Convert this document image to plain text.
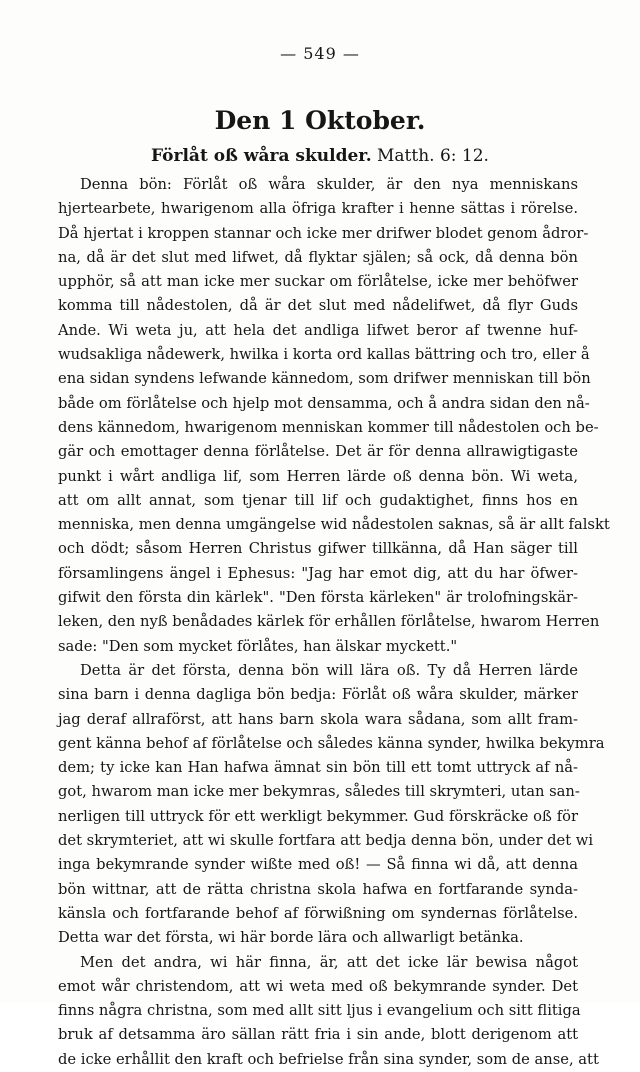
— 549 —
Den 1 Oktober.
Förlåt oß wåra skulder. Matth. 6: 12.
Denna bön: Förlåt oß wåra skulder, är den nya menniskans
hjertearbete, hwarigenom alla öfriga krafter i henne sättas i rörelse.
Då hjertat i kroppen stannar och icke mer drifwer blodet genom ådror-
na, då är det slut med lifwet, då flyktar själen; så ock, då denna bön
upphör, så att man icke mer suckar om förlåtelse, icke mer behöfwer
komma till nådestolen, då är det slut med nådelifwet, då flyr Guds
Ande. Wi weta ju, att hela det andliga lifwet beror af twenne huf-
wudsakliga nådewerk, hwilka i korta ord kallas bättring och tro, eller å
ena sidan syndens lefwande kännedom, som drifwer menniskan till bön
både om förlåtelse och hjelp mot densamma, och å andra sidan den nå-
dens kännedom, hwarigenom menniskan kommer till nådestolen och be-
gär och emottager denna förlåtelse. Det är för denna allrawigtigaste
punkt i wårt andliga lif, som Herren lärde oß denna bön. Wi weta,
att om allt annat, som tjenar till lif och gudaktighet, finns hos en
menniska, men denna umgängelse wid nådestolen saknas, så är allt falskt
och dödt; såsom Herren Christus gifwer tillkänna, då Han säger till
församlingens ängel i Ephesus: "Jag har emot dig, att du har öfwer-
gifwit den första din kärlek". "Den första kärleken" är trolofningskär-
leken, den nyß benådades kärlek för erhållen förlåtelse, hwarom Herren
sade: "Den som mycket förlåtes, han älskar myckett."
Detta är det första, denna bön will lära oß. Ty då Herren lärde
sina barn i denna dagliga bön bedja: Förlåt oß wåra skulder, märker
jag deraf allraförst, att hans barn skola wara sådana, som allt fram-
gent känna behof af förlåtelse och således känna synder, hwilka bekymra
dem; ty icke kan Han hafwa ämnat sin bön till ett tomt uttryck af nå-
got, hwarom man icke mer bekymras, således till skrymteri, utan san-
nerligen till uttryck för ett werkligt bekymmer. Gud förskräcke oß för
det skrymteriet, att wi skulle fortfara att bedja denna bön, under det wi
inga bekymrande synder wißte med oß! — Så finna wi då, att denna
bön wittnar, att de rätta christna skola hafwa en fortfarande synda-
känsla och fortfarande behof af förwißning om syndernas förlåtelse.
Detta war det första, wi här borde lära och allwarligt betänka.
Men det andra, wi här finna, är, att det icke lär bewisa något
emot wår christendom, att wi weta med oß bekymrande synder. Det
finns några christna, som med allt sitt ljus i evangelium och sitt flitiga
bruk af detsamma äro sällan rätt fria i sin ande, blott derigenom att
de icke erhållit den kraft och befrielse från sina synder, som de anse, att
